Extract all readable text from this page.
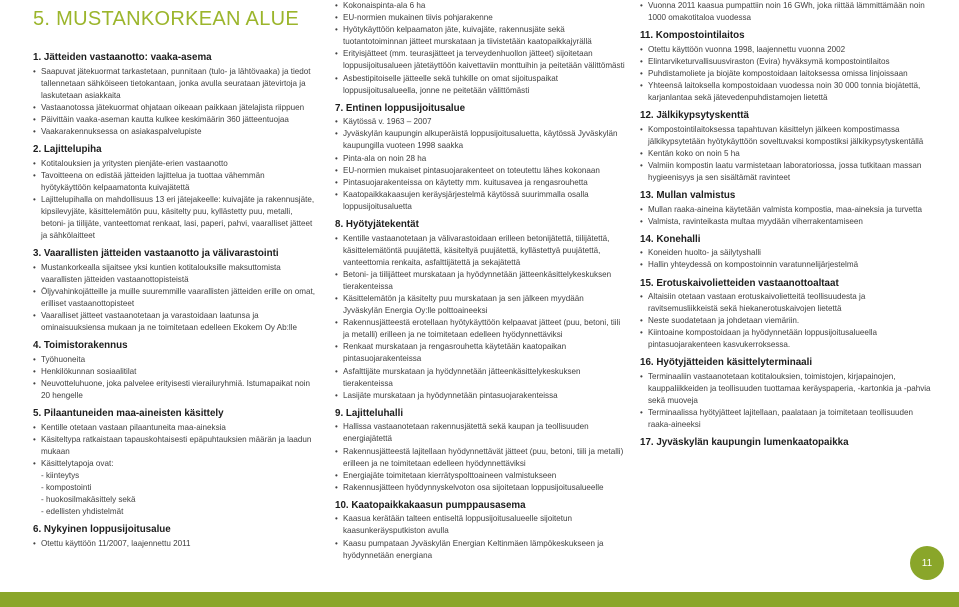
5. MUSTANKORKEAN ALUE
1. Jätteiden vastaanotto: vaaka-asema
• Saapuvat jätekuormat tarkastetaan, punnitaan (tulo- ja lähtövaaka) ja tiedot tallennetaan sähköiseen tietokantaan, jonka avulla seurataan jätevirtoja ja laskutetaan asiakkaita
• Vastaanotossa jätekuormat ohjataan oikeaan paikkaan jätelajista riippuen
• Päivittäin vaaka-aseman kautta kulkee keskimäärin 360 jätteentuojaa
• Vaakarakennuksessa on asiakaspalvelupiste
2. Lajittelupiha
• Kotitalouksien ja yritysten pienjäte-erien vastaanotto
• Tavoitteena on edistää jätteiden lajittelua ja tuottaa vähemmän hyötykäyttöön kelpaamatonta kuivajätettä
• Lajittelupihalla on mahdollisuus 13 eri jätejakeelle: kuivajäte ja rakennusjäte, kipsilevyjäte, käsittelemätön puu, käsitelty puu, kyllästetty puu, metalli, betoni- ja tiilijäte, vanteettomat renkaat, lasi, paperi, pahvi, vaaralliset jätteet ja sähkölaitteet
3. Vaarallisten jätteiden vastaanotto ja välivarastointi
• Mustankorkealla sijaitsee yksi kuntien kotitalouksille maksuttomista vaarallisten jätteiden vastaanottopisteistä
• Öljyvahinkojätteille ja muille suuremmille vaarallisten jätteiden erille on omat, erilliset vastaanottopisteet
• Vaaralliset jätteet vastaanotetaan ja varastoidaan laatunsa ja ominaisuuksiensa mukaan ja ne toimitetaan edelleen Ekokem Oy Ab:lle
4. Toimistorakennus
• Työhuoneita
• Henkilökunnan sosiaalitilat
• Neuvotteluhuone, joka palvelee erityisesti vierailuryhmiä. Istumapaikat noin 20 hengelle
5. Pilaantuneiden maa-aineisten käsittely
• Kentille otetaan vastaan pilaantuneita maa-aineksia
• Käsiteltypa ratkaistaan tapauskohtaisesti epäpuhtauksien määrän ja laadun mukaan
• Käsittelytapoja ovat:
- kiinteytys
- kompostointi
- huokosilmakäsittely sekä
- edellisten yhdistelmät
6. Nykyinen loppusijoitusalue
• Otettu käyttöön 11/2007, laajennettu 2011
• Kokonaispinta-ala 6 ha
• EU-normien mukainen tiivis pohjarakenne
• Hyötykäyttöön kelpaamaton jäte, kuivajäte, rakennusjäte sekä tuotantotoiminnan jätteet murskataan ja tiivistetään kaatopaikkajyrällä
• Erityisjätteet (mm. teurasjätteet ja terveydenhuollon jätteet) sijoitetaan loppusijoitusalueen jätetäyttöön kaivettaviin monttuihin ja peitetään välittömästi
• Asbestipitoiselle jätteelle sekä tuhkille on omat sijoituspaikat loppusijoitusalueella, jonne ne peitetään välittömästi
7. Entinen loppusijoitusalue
• Käytössä v. 1963 – 2007
• Jyväskylän kaupungin alkuperäistä loppusijoitusaluetta, käytössä Jyväskylän kaupungilla vuoteen 1998 saakka
• Pinta-ala on noin 28 ha
• EU-normien mukaiset pintasuojarakenteet on toteutettu lähes kokonaan
• Pintasuojarakenteissa on käytetty mm. kuitusavea ja rengasrouhetta
• Kaatopaikkakaasujen keräysjärjestelmä käytössä suurimmalla osalla loppusijoitusaluetta
8. Hyötyjätekentät
• Kentille vastaanotetaan ja välivarastoidaan erilleen betonijätettä, tiilijätettä, käsittelemätöntä puujätettä, käsiteltyä puujätettä, kyllästettyä puujätettä, vanteettomia renkaita, asfalttijätettä ja sekajätettä
• Betoni- ja tiilijätteet murskataan ja hyödynnetään jätteenkäsittelykeskuksen tierakenteissa
• Käsittelemätön ja käsitelty puu murskataan ja sen jälkeen myydään Jyväskylän Energia Oy:lle polttoaineeksi
• Rakennusjätteestä erotellaan hyötykäyttöön kelpaavat jätteet (puu, betoni, tiili ja metalli) erilleen ja ne toimitetaan edelleen hyödynnettäviksi
• Renkaat murskataan ja rengasrouhetta käytetään kaatopaikan pintasuojarakenteissa
• Asfalttijäte murskataan ja hyödynnetään jätteenkäsittelykeskuksen tierakenteissa
• Lasijäte murskataan ja hyödynnetään pintasuojarakenteissa
9. Lajitteluhalli
• Hallissa vastaanotetaan rakennusjätettä sekä kaupan ja teollisuuden energiajätettä
• Rakennusjätteestä lajitellaan hyödynnettävät jätteet (puu, betoni, tiili ja metalli) erilleen ja ne toimitetaan edelleen hyödynnettäviksi
• Energiajäte toimitetaan kierrätyspolttoaineen valmistukseen
• Rakennusjätteen hyödynnyskelvoton osa sijoitetaan loppusijoitusalueelle
10. Kaatopaikkakaasun pumppausasema
• Kaasua kerätään talteen entiseltä loppusijoitusalueelle sijoitetun kaasunkeräysputkiston avulla
• Kaasu pumpataan Jyväskylän Energian Keltinmäen lämpökeskukseen ja hyödynnetään energiana
• Vuonna 2011 kaasua pumpattiin noin 16 GWh, joka riittää lämmittämään noin 1000 omakotitaloa vuodessa
11. Kompostointilaitos
• Otettu käyttöön vuonna 1998, laajennettu vuonna 2002
• Elintarviketurvallisuusviraston (Evira) hyväksymä kompostointilaitos
• Puhdistamoliete ja biojäte kompostoidaan laitoksessa omissa linjoissaan
• Yhteensä laitoksella kompostoidaan vuodessa noin 30 000 tonnia biojätettä, karjanlantaa sekä jätevedenpuhdistamojen lietettä
12. Jälkikypsytyskenttä
• Kompostointilaitoksessa tapahtuvan käsittelyn jälkeen kompostimassa jälkikypsytetään hyötykäyttöön soveltuvaksi kompostiksi jälkikypsytyskentällä
• Kentän koko on noin 5 ha
• Valmiin kompostin laatu varmistetaan laboratoriossa, jossa tutkitaan massan hygieenisyys ja sen sisältämät ravinteet
13. Mullan valmistus
• Mullan raaka-aineina käytetään valmista kompostia, maa-aineksia ja turvetta
• Valmista, ravinteikasta multaa myydään viherrakentamiseen
14. Konehalli
• Koneiden huolto- ja säilytyshalli
• Hallin yhteydessä on kompostoinnin varatunnelijärjestelmä
15. Erotuskaivolietteiden vastaanottoaltaat
• Altaisiin otetaan vastaan erotuskaivolietteitä teollisuudesta ja ravitsemusliikkeistä sekä hiekanerotuskaivojen lietettä
• Neste suodatetaan ja johdetaan viemäriin.
• Kiintoaine kompostoidaan ja hyödynnetään loppusijoitusalueella pintasuojarakenteen kasvukerroksessa.
16. Hyötyjätteiden käsittelyterminaali
• Terminaaliin vastaanotetaan kotitalouksien, toimistojen, kirjapainojen, kauppaliikkeiden ja teollisuuden tuottamaa keräyspaperia, -kartonkia ja -pahvia sekä muoveja
• Terminaalissa hyötyjätteet lajitellaan, paalataan ja toimitetaan teollisuuden raaka-aineeksi
17. Jyväskylän kaupungin lumenkaatopaikka
11
